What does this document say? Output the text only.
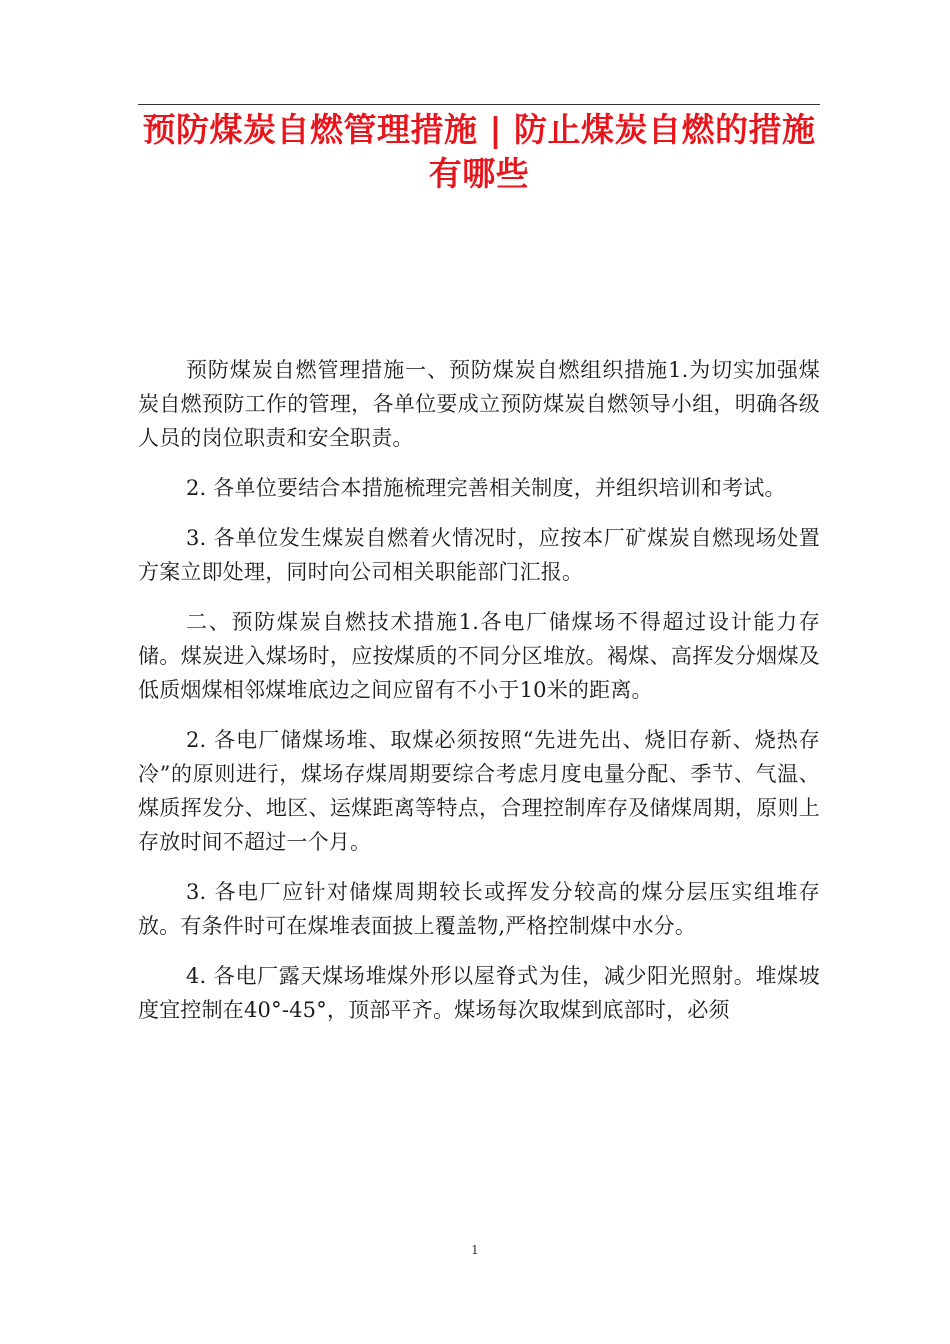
预防煤炭自燃管理措施 | 防止煤炭自燃的措施有哪些

预防煤炭自燃管理措施一、预防煤炭自燃组织措施1.为切实加强煤炭自燃预防工作的管理，各单位要成立预防煤炭自燃领导小组，明确各级人员的岗位职责和安全职责。

2. 各单位要结合本措施梳理完善相关制度，并组织培训和考试。

3. 各单位发生煤炭自燃着火情况时，应按本厂矿煤炭自燃现场处置方案立即处理，同时向公司相关职能部门汇报。

二、预防煤炭自燃技术措施1.各电厂储煤场不得超过设计能力存储。煤炭进入煤场时，应按煤质的不同分区堆放。褐煤、高挥发分烟煤及低质烟煤相邻煤堆底边之间应留有不小于10米的距离。

2. 各电厂储煤场堆、取煤必须按照“先进先出、烧旧存新、烧热存冷”的原则进行，煤场存煤周期要综合考虑月度电量分配、季节、气温、煤质挥发分、地区、运煤距离等特点，合理控制库存及储煤周期，原则上存放时间不超过一个月。

3. 各电厂应针对储煤周期较长或挥发分较高的煤分层压实组堆存放。有条件时可在煤堆表面披上覆盖物,严格控制煤中水分。

4. 各电厂露天煤场堆煤外形以屋脊式为佳，减少阳光照射。堆煤坡度宜控制在40°-45°，顶部平齐。煤场每次取煤到底部时，必须

1
